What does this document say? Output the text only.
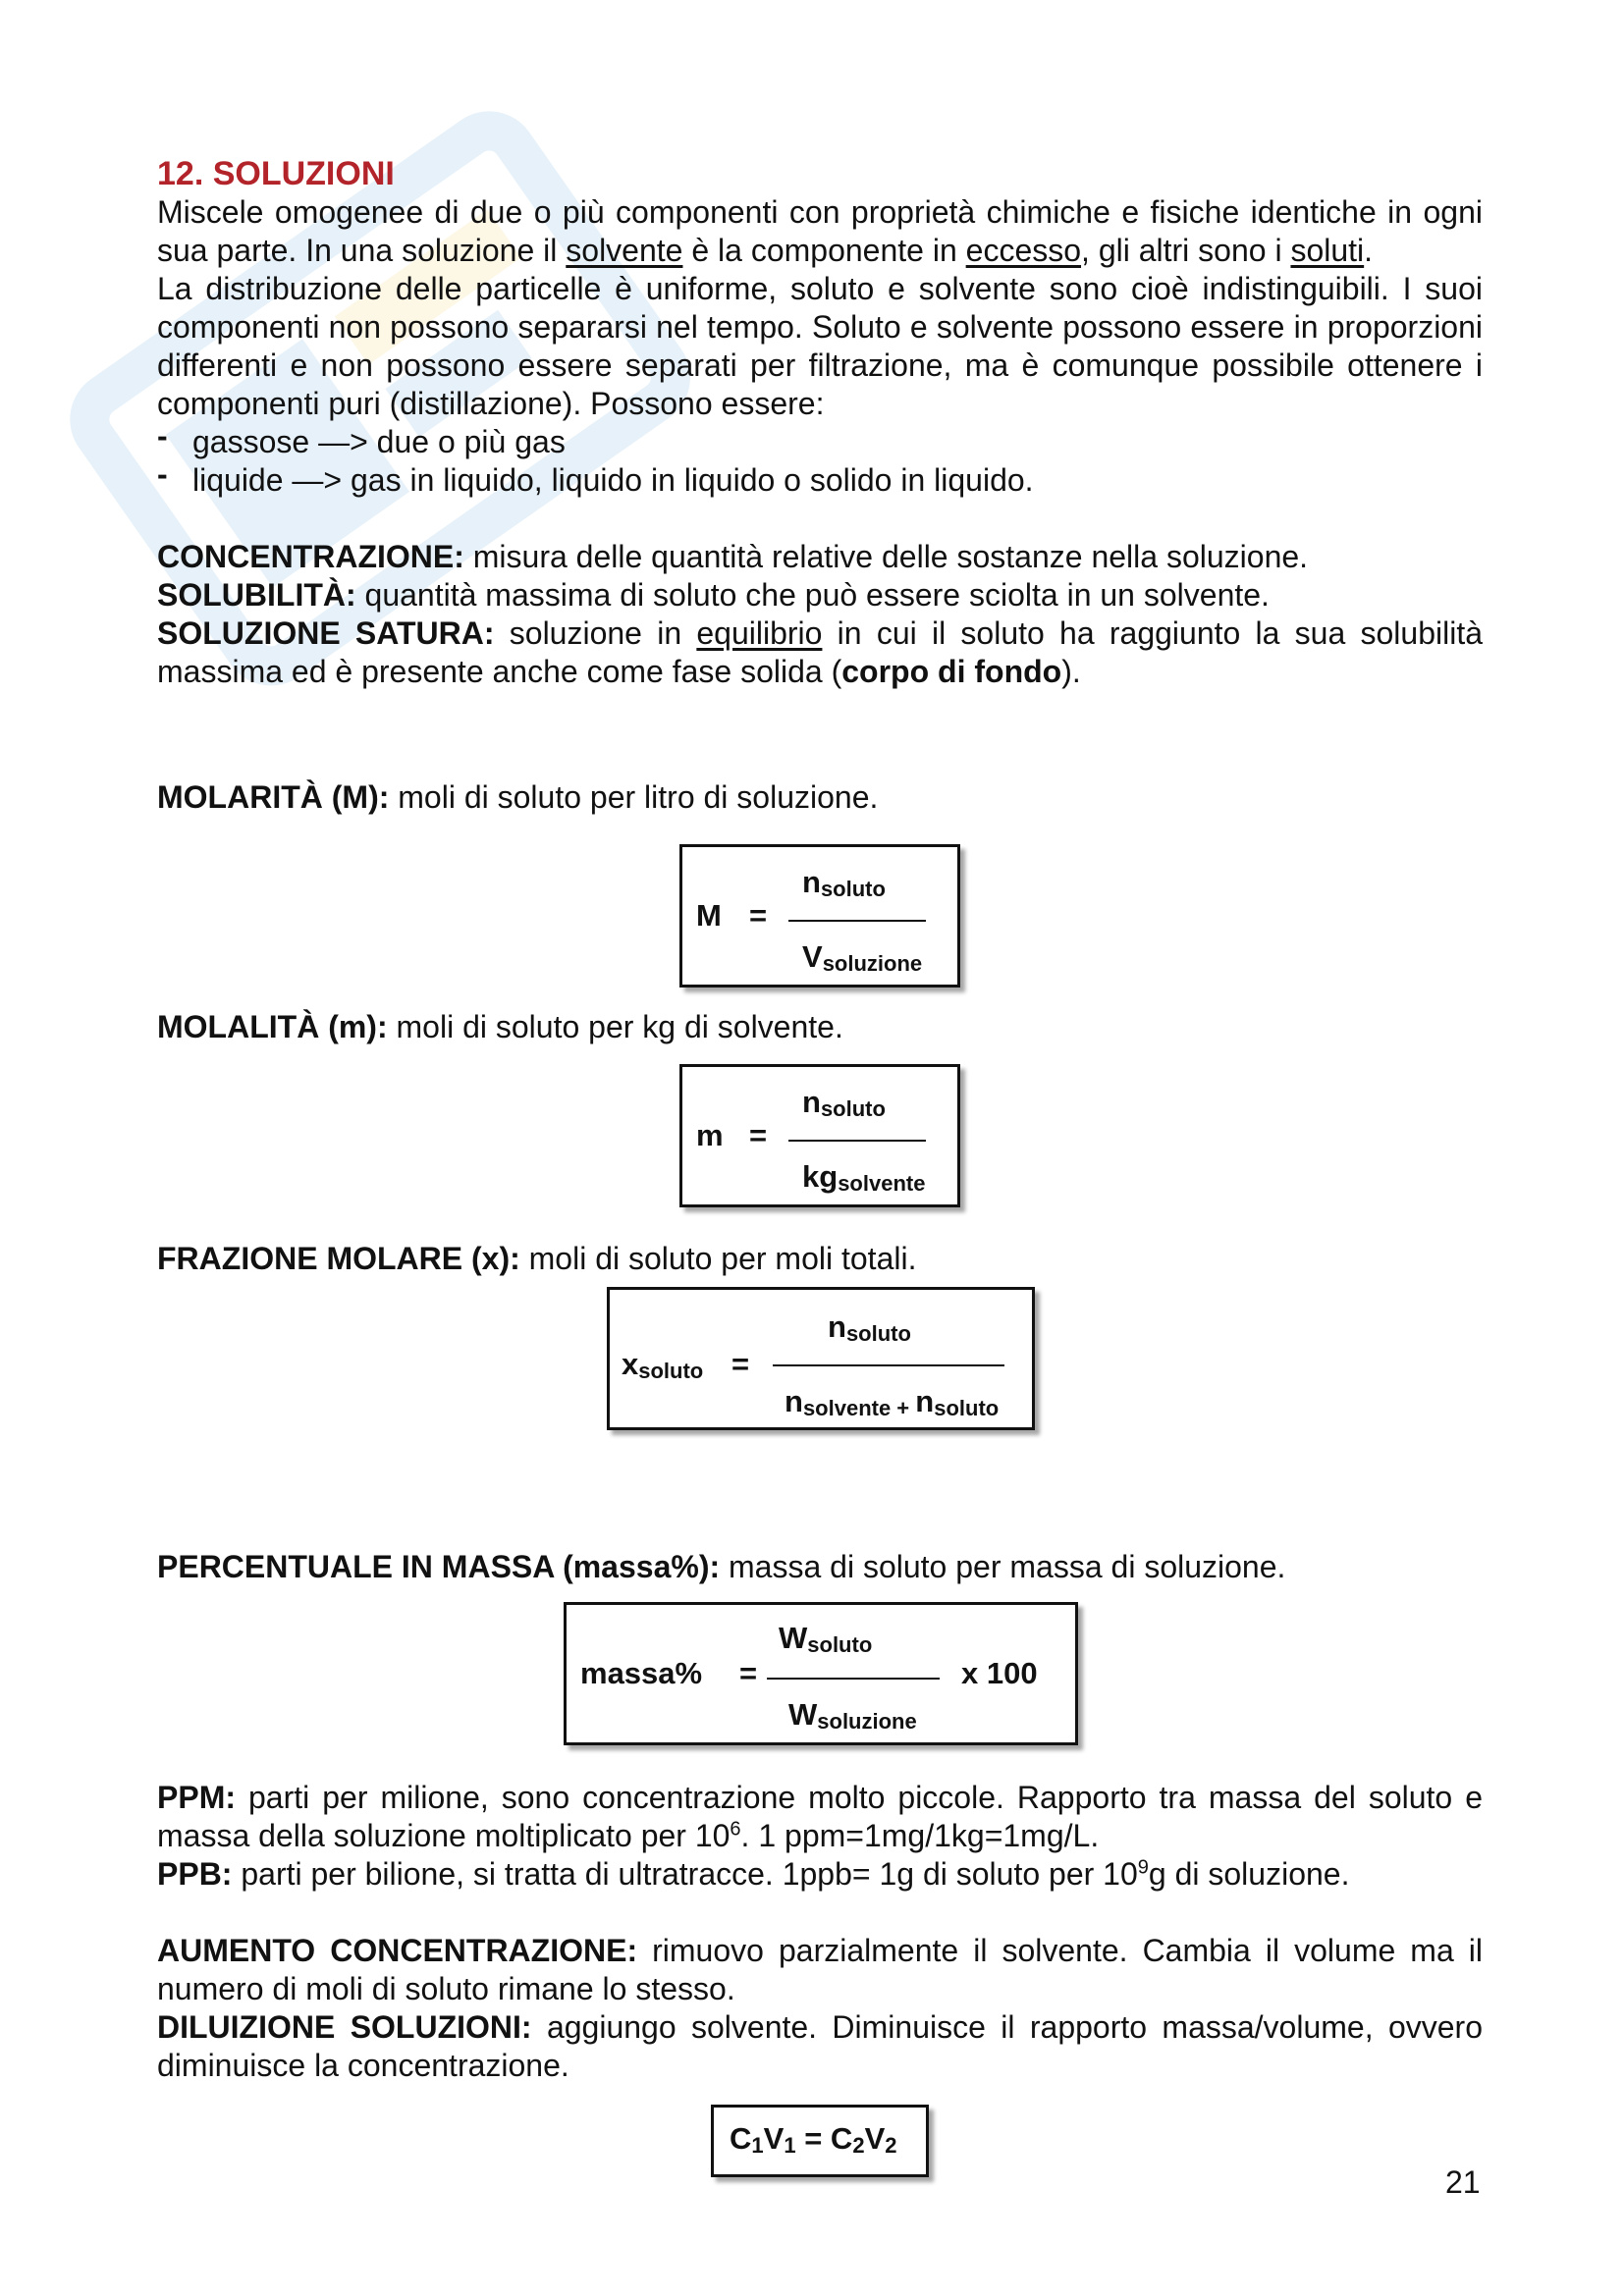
12. SOLUZIONI

Miscele omogenee di due o più componenti con proprietà chimiche e fisiche identiche in ogni sua parte. In una soluzione il solvente è la componente in eccesso, gli altri sono i soluti.

La distribuzione delle particelle è uniforme, soluto e solvente sono cioè indistinguibili. I suoi componenti non possono separarsi nel tempo. Soluto e solvente possono essere in proporzioni differenti e non possono essere separati per filtrazione, ma è comunque possibile ottenere i componenti puri (distillazione). Possono essere:

- gassose —> due o più gas
- liquide —> gas in liquido, liquido in liquido o solido in liquido.

CONCENTRAZIONE: misura delle quantità relative delle sostanze nella soluzione.

SOLUBILITÀ: quantità massima di soluto che può essere sciolta in un solvente.

SOLUZIONE SATURA: soluzione in equilibrio in cui il soluto ha raggiunto la sua solubilità massima ed è presente anche come fase solida (corpo di fondo).

MOLARITÀ (M): moli di soluto per litro di soluzione.

M =
$n_{soluto}$
$V_{soluzione}$

MOLALITÀ (m): moli di soluto per kg di solvente.

m =
$n_{soluto}$
$kg_{solvente}$

FRAZIONE MOLARE (x): moli di soluto per moli totali.

$x_{soluto}$ =
$n_{soluto}$
$n_{solvente +}$ $n_{soluto}$

PERCENTUALE IN MASSA (massa%): massa di soluto per massa di soluzione.

massa% =
$W_{soluto}$
$W_{soluzione}$
x 100

PPM: parti per milione, sono concentrazione molto piccole. Rapporto tra massa del soluto e massa della soluzione moltiplicato per $10^6$. 1 ppm=1mg/1kg=1mg/L.

PPB: parti per bilione, si tratta di ultratracce. 1ppb= 1g di soluto per $10^9g$ di soluzione.

AUMENTO CONCENTRAZIONE: rimuovo parzialmente il solvente. Cambia il volume ma il numero di moli di soluto rimane lo stesso.

DILUIZIONE SOLUZIONI: aggiungo solvente. Diminuisce il rapporto massa/volume, ovvero diminuisce la concentrazione.

$C_1V_1 = C_2V_2$
21
